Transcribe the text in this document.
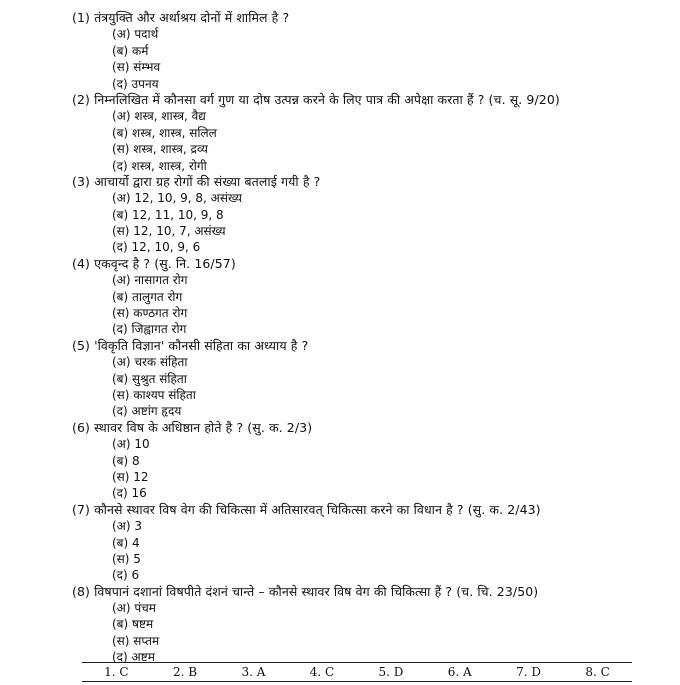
(1) तंत्रयुक्ति और अर्थाश्रय दोनों में शामिल है ?
(अ) पदार्थ
(ब) कर्म
(स) संम्भव
(द) उपनय
(2) निम्नलिखित में कौनसा वर्ग गुण या दोष उत्पन्न करने के लिए पात्र की अपेक्षा करता हैं ? (च. सू. 9/20)
(अ) शस्त्र, शास्त्र, वैद्य
(ब) शस्त्र, शास्त्र, सलिल
(स) शस्त्र, शास्त्र, द्रव्य
(द) शस्त्र, शास्त्र, रोगी
(3) आचार्यो द्वारा ग्रह रोगों की संख्या बतलाई गयी है ?
(अ) 12, 10, 9, 8, असंख्य
(ब) 12, 11, 10, 9, 8
(स) 12, 10, 7, असंख्य
(द) 12, 10, 9, 6
(4) एकवृन्द है ? (सु. नि. 16/57)
(अ) नासागत रोग
(ब) तालुगत रोग
(स) कण्ठगत रोग
(द) जिह्वागत रोग
(5) 'विकृति विज्ञान' कौनसी संहिता का अध्याय है ?
(अ) चरक संहिता
(ब) सुश्रुत संहिता
(स) काश्यप संहिता
(द) अष्टांग हृदय
(6) स्थावर विष के अधिष्ठान होते है ? (सु. क. 2/3)
(अ) 10
(ब) 8
(स) 12
(द) 16
(7) कौनसे स्थावर विष वेग की चिकित्सा में अतिसारवत् चिकित्सा करने का विधान है ? (सु. क. 2/43)
(अ) 3
(ब) 4
(स) 5
(द) 6
(8) विषपानं दशानां विषपीते दंशनं चान्ते – कौनसे स्थावर विष वेग की चिकित्सा हैं ? (च. चि. 23/50)
(अ) पंचम
(ब) षष्टम
(स) सप्तम
(द) अष्टम
1. C	2. B	3. A	4. C	5. D	6. A	7. D	8. C
